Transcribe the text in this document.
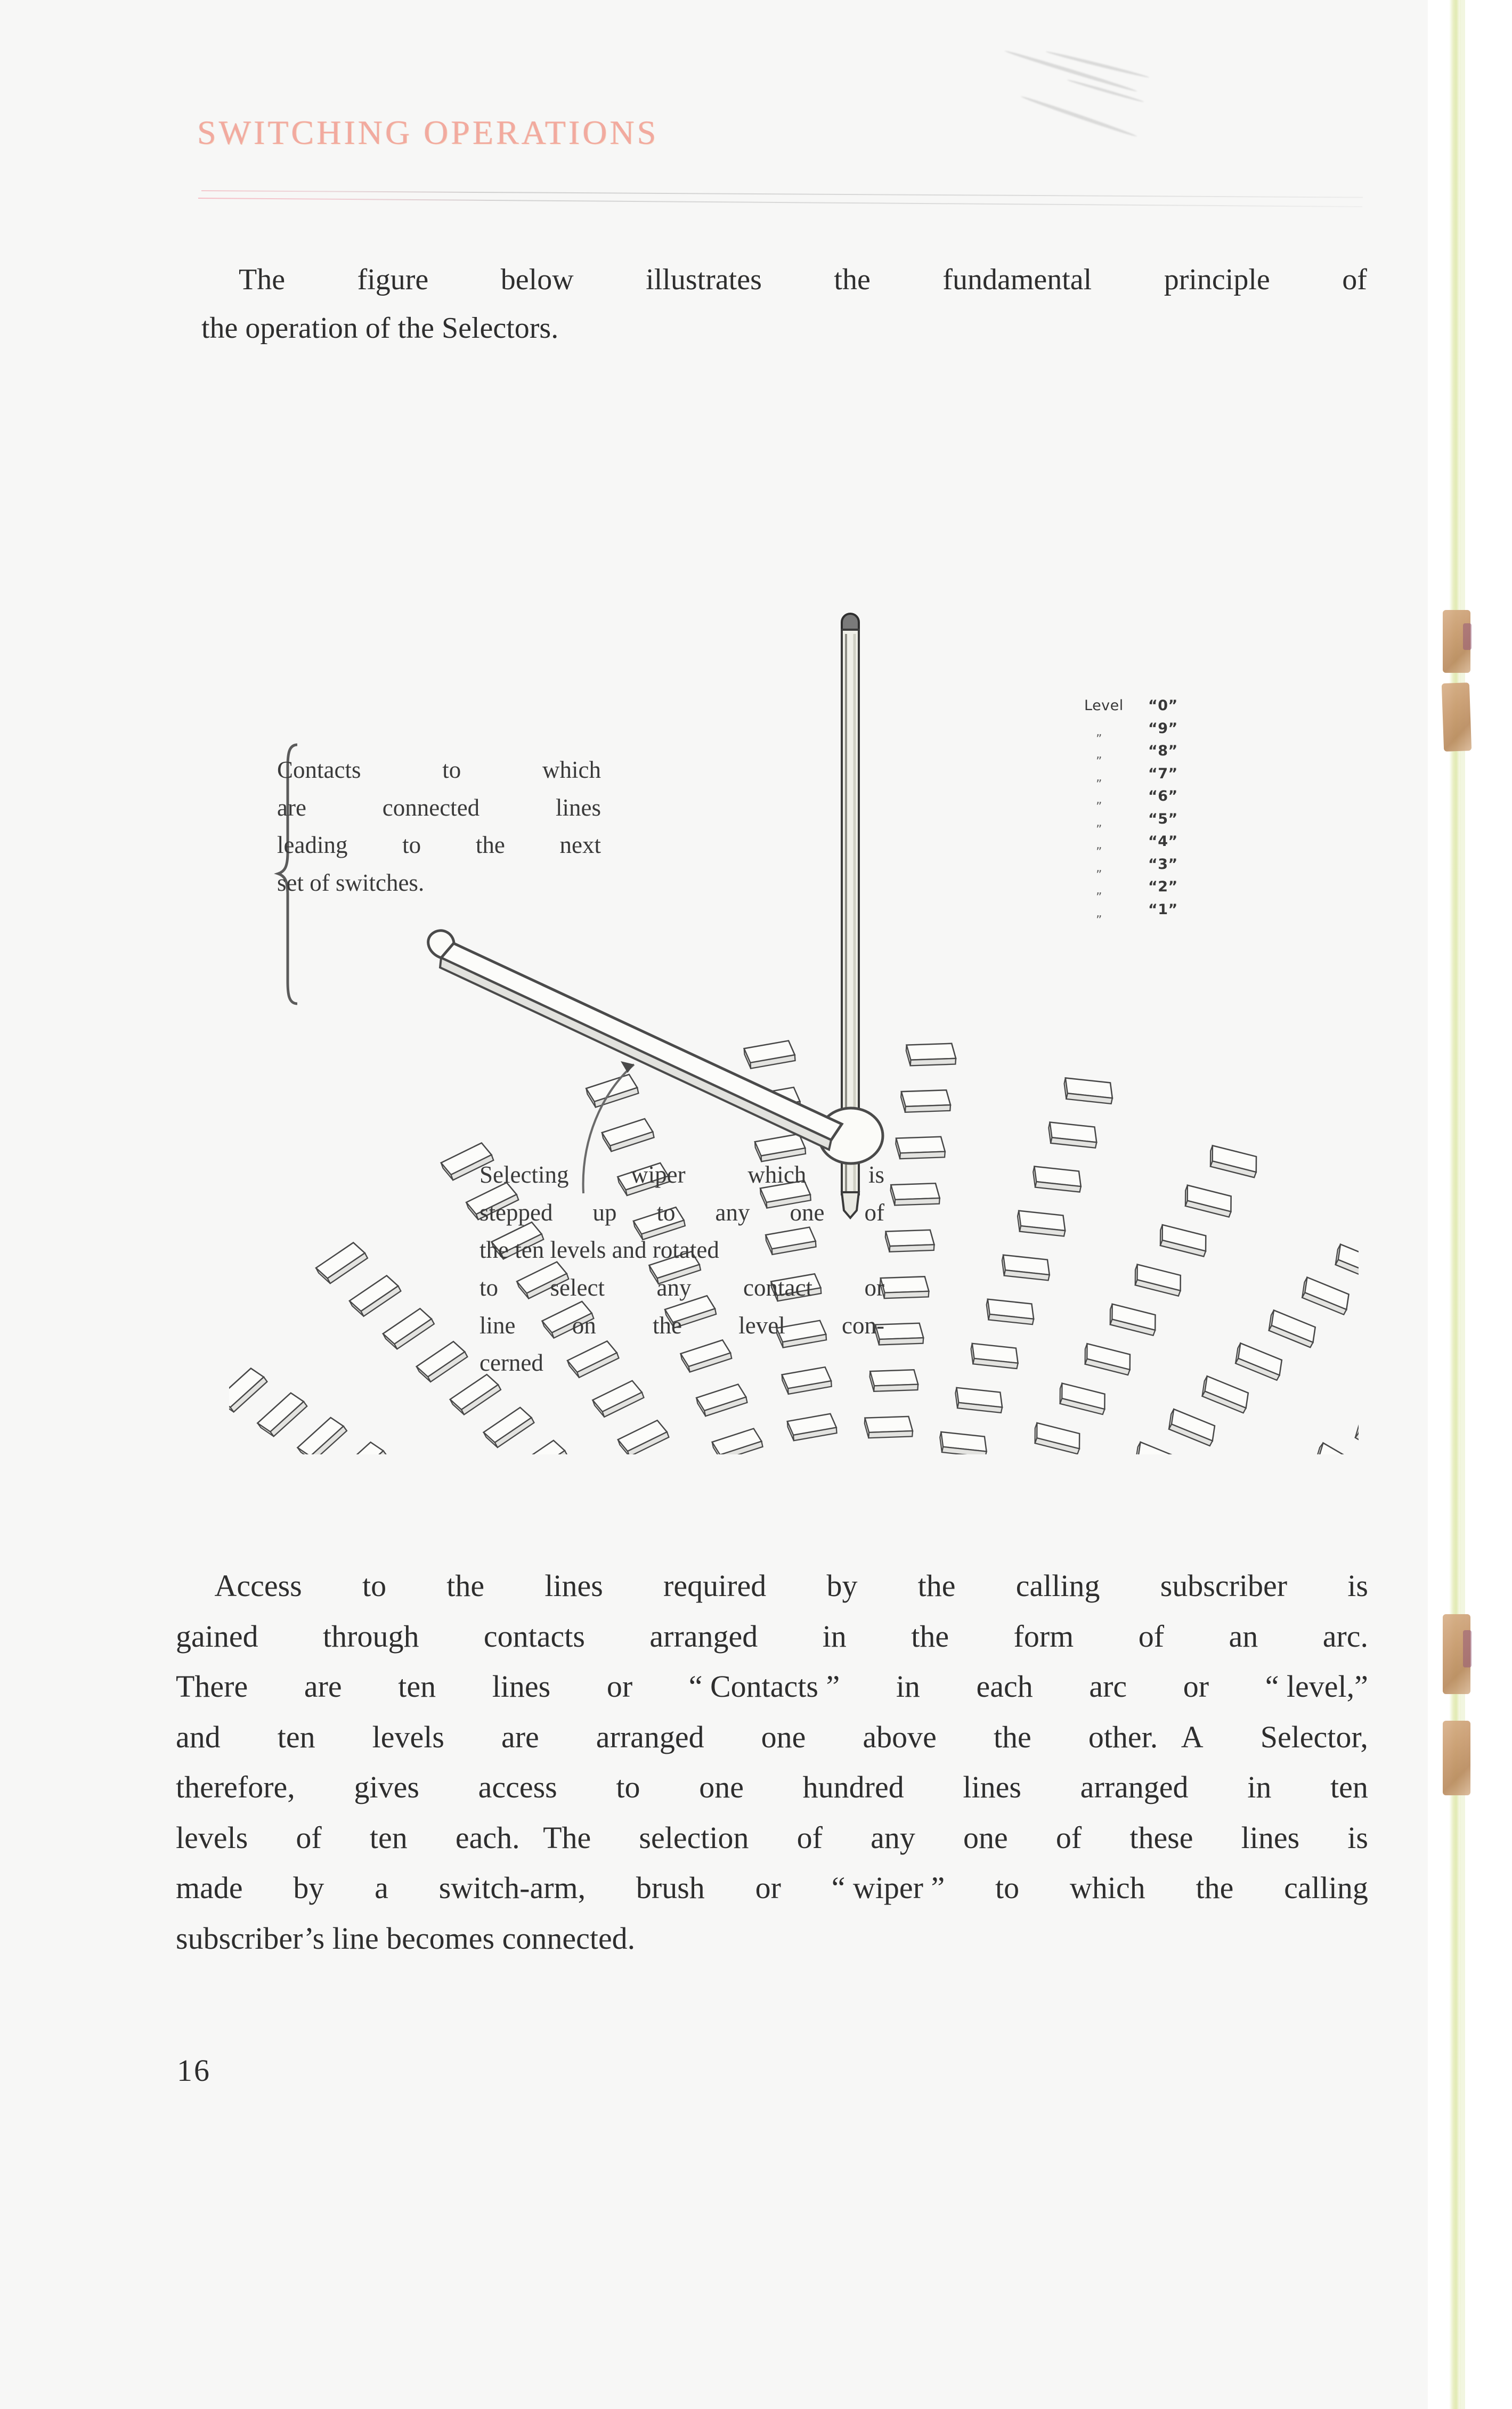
SWITCHING OPERATIONS
The figure below illustrates the fundamental principle of
the operation of the Selectors.
Contacts	to	which
are	connected	lines
leading to the next
set of switches.
Selecting	wiper	which	is
stepped up to any one of
the ten levels and rotated
to select any contact or
line on the level con-
cerned
Level “0”
„	“9”
„	“8”
„	“7”
„	“6”
„	“5”
„	“4”
„	“3”
„	“2”
„	“1”
Access to the lines required by the calling subscriber is
gained through contacts arranged in the form of an arc.
There are ten lines or “ Contacts ” in each arc or “ level,”
and ten levels are arranged one above the other.   A Selector,
therefore, gives access to one hundred lines arranged in ten
levels of ten each.   The selection of any one of these lines is
made by a switch-arm, brush or “ wiper ” to which the calling
subscriber’s line becomes connected.
16
